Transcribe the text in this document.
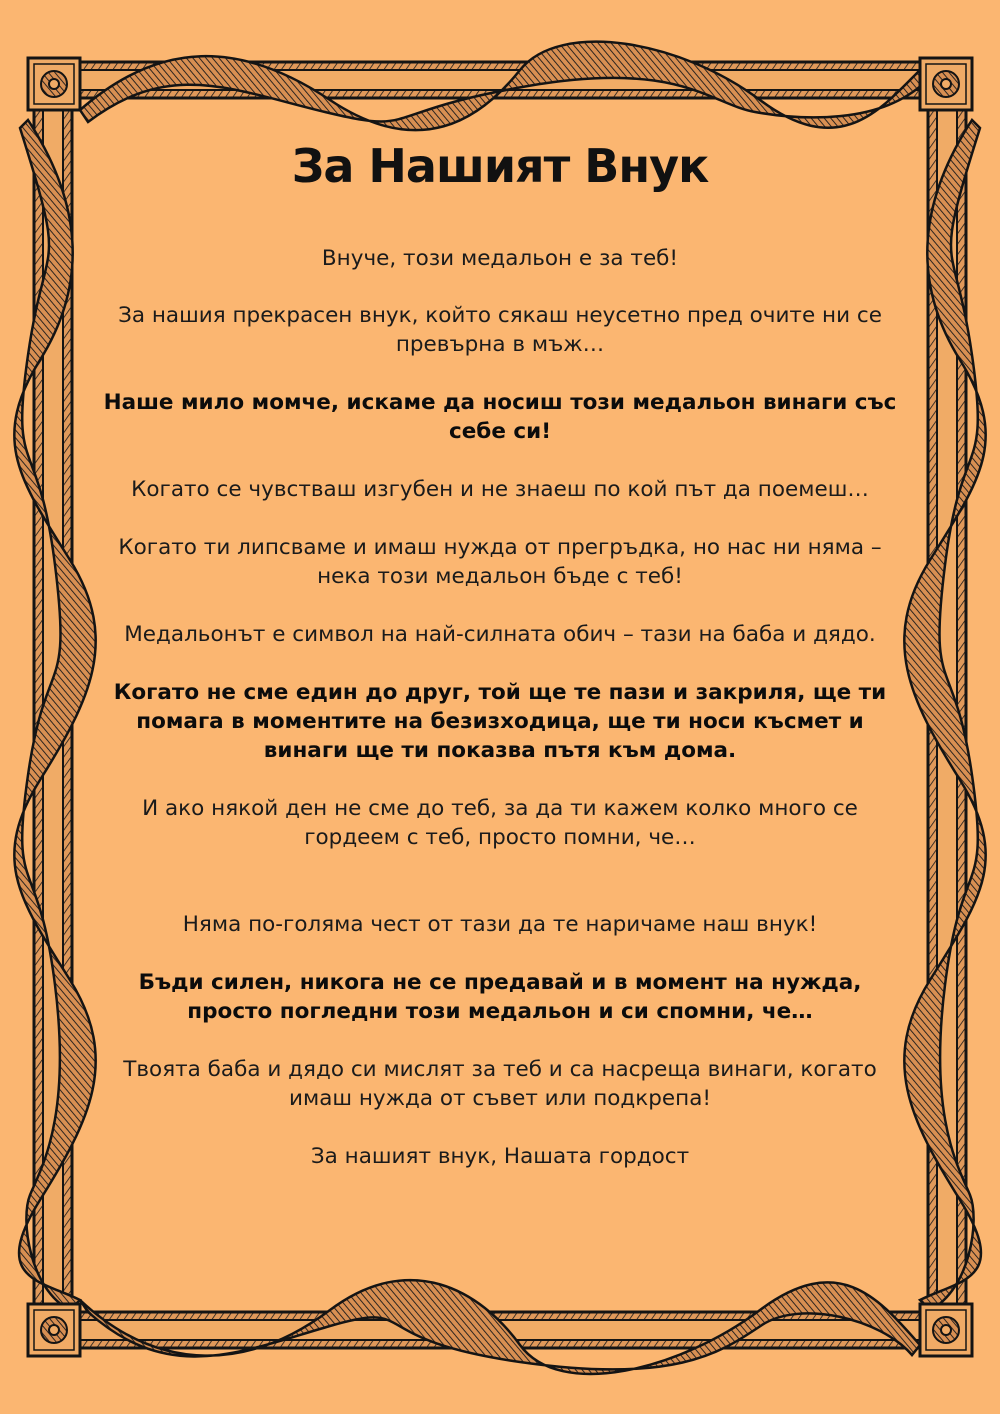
За Нашият Внук

Внуче, този медальон е за теб!

За нашия прекрасен внук, който сякаш неусетно пред очите ни се превърна в мъж…

Наше мило момче, искаме да носиш този медальон винаги със себе си!

Когато се чувстваш изгубен и не знаеш по кой път да поемеш…

Когато ти липсваме и имаш нужда от прегръдка, но нас ни няма – нека този медальон бъде с теб!

Медальонът е символ на най-силната обич – тази на баба и дядо.

Когато не сме един до друг, той ще те пази и закриля, ще ти помага в моментите на безизходица, ще ти носи късмет и винаги ще ти показва пътя към дома.

И ако някой ден не сме до теб, за да ти кажем колко много се гордеем с теб, просто помни, че…

Няма по-голяма чест от тази да те наричаме наш внук!

Бъди силен, никога не се предавай и в момент на нужда, просто погледни този медальон и си спомни, че…

Твоята баба и дядо си мислят за теб и са насреща винаги, когато имаш нужда от съвет или подкрепа!

За нашият внук, Нашата гордост
